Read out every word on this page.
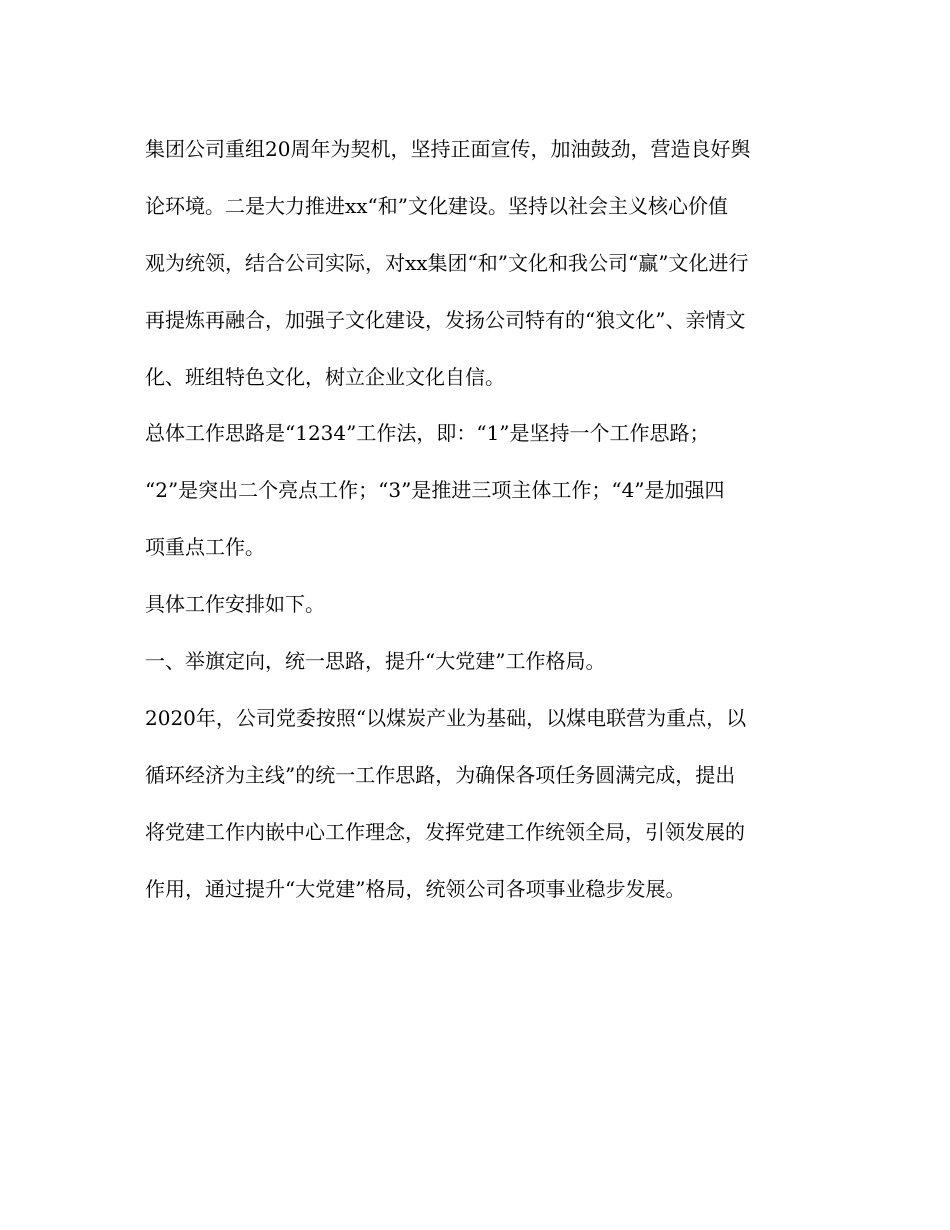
集团公司重组20周年为契机，坚持正面宣传，加油鼓劲，营造良好舆
论环境。二是大力推进xx“和”文化建设。坚持以社会主义核心价值
观为统领，结合公司实际，对xx集团“和”文化和我公司“赢”文化进行
再提炼再融合，加强子文化建设，发扬公司特有的“狼文化”、亲情文
化、班组特色文化，树立企业文化自信。
总体工作思路是“1234”工作法，即：“1”是坚持一个工作思路；
“2”是突出二个亮点工作；“3”是推进三项主体工作；“4”是加强四
项重点工作。
具体工作安排如下。
一、举旗定向，统一思路，提升“大党建”工作格局。
2020年，公司党委按照“以煤炭产业为基础，以煤电联营为重点，以
循环经济为主线”的统一工作思路，为确保各项任务圆满完成，提出
将党建工作内嵌中心工作理念，发挥党建工作统领全局，引领发展的
作用，通过提升“大党建”格局，统领公司各项事业稳步发展。
